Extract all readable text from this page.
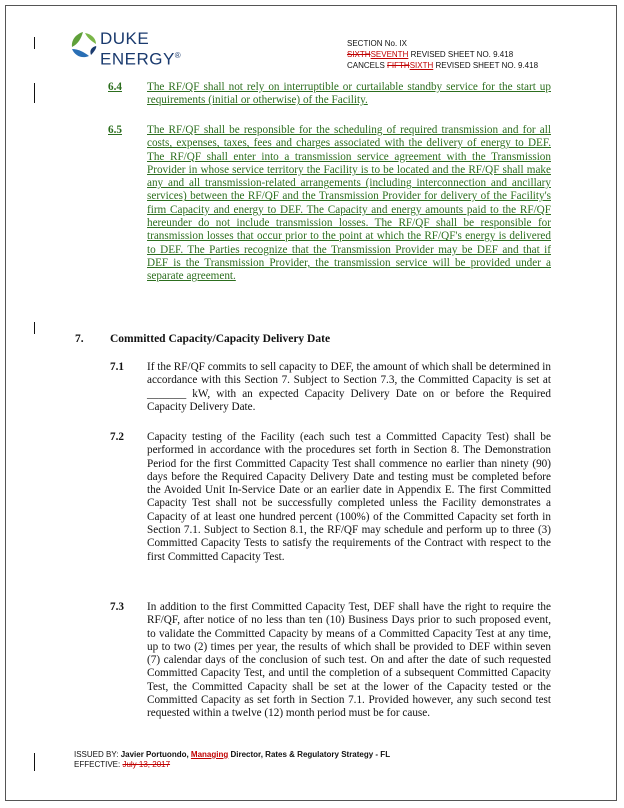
DUKE
ENERGY®
SECTION No. IX
SIXTHSEVENTH REVISED SHEET NO. 9.418
CANCELS FIFTHSIXTH REVISED SHEET NO. 9.418
6.4 The RF/QF shall not rely on interruptible or curtailable standby service for the start up requirements (initial or otherwise) of the Facility.
6.5 The RF/QF shall be responsible for the scheduling of required transmission and for all costs, expenses, taxes, fees and charges associated with the delivery of energy to DEF. The RF/QF shall enter into a transmission service agreement with the Transmission Provider in whose service territory the Facility is to be located and the RF/QF shall make any and all transmission-related arrangements (including interconnection and ancillary services) between the RF/QF and the Transmission Provider for delivery of the Facility's firm Capacity and energy to DEF. The Capacity and energy amounts paid to the RF/QF hereunder do not include transmission losses. The RF/QF shall be responsible for transmission losses that occur prior to the point at which the RF/QF's energy is delivered to DEF. The Parties recognize that the Transmission Provider may be DEF and that if DEF is the Transmission Provider, the transmission service will be provided under a separate agreement.
7. Committed Capacity/Capacity Delivery Date
7.1 If the RF/QF commits to sell capacity to DEF, the amount of which shall be determined in accordance with this Section 7. Subject to Section 7.3, the Committed Capacity is set at _______ kW, with an expected Capacity Delivery Date on or before the Required Capacity Delivery Date.
7.2 Capacity testing of the Facility (each such test a Committed Capacity Test) shall be performed in accordance with the procedures set forth in Section 8. The Demonstration Period for the first Committed Capacity Test shall commence no earlier than ninety (90) days before the Required Capacity Delivery Date and testing must be completed before the Avoided Unit In-Service Date or an earlier date in Appendix E. The first Committed Capacity Test shall not be successfully completed unless the Facility demonstrates a Capacity of at least one hundred percent (100%) of the Committed Capacity set forth in Section 7.1. Subject to Section 8.1, the RF/QF may schedule and perform up to three (3) Committed Capacity Tests to satisfy the requirements of the Contract with respect to the first Committed Capacity Test.
7.3 In addition to the first Committed Capacity Test, DEF shall have the right to require the RF/QF, after notice of no less than ten (10) Business Days prior to such proposed event, to validate the Committed Capacity by means of a Committed Capacity Test at any time, up to two (2) times per year, the results of which shall be provided to DEF within seven (7) calendar days of the conclusion of such test. On and after the date of such requested Committed Capacity Test, and until the completion of a subsequent Committed Capacity Test, the Committed Capacity shall be set at the lower of the Capacity tested or the Committed Capacity as set forth in Section 7.1. Provided however, any such second test requested within a twelve (12) month period must be for cause.
ISSUED BY: Javier Portuondo, Managing Director, Rates & Regulatory Strategy - FL
EFFECTIVE: July 13, 2017
